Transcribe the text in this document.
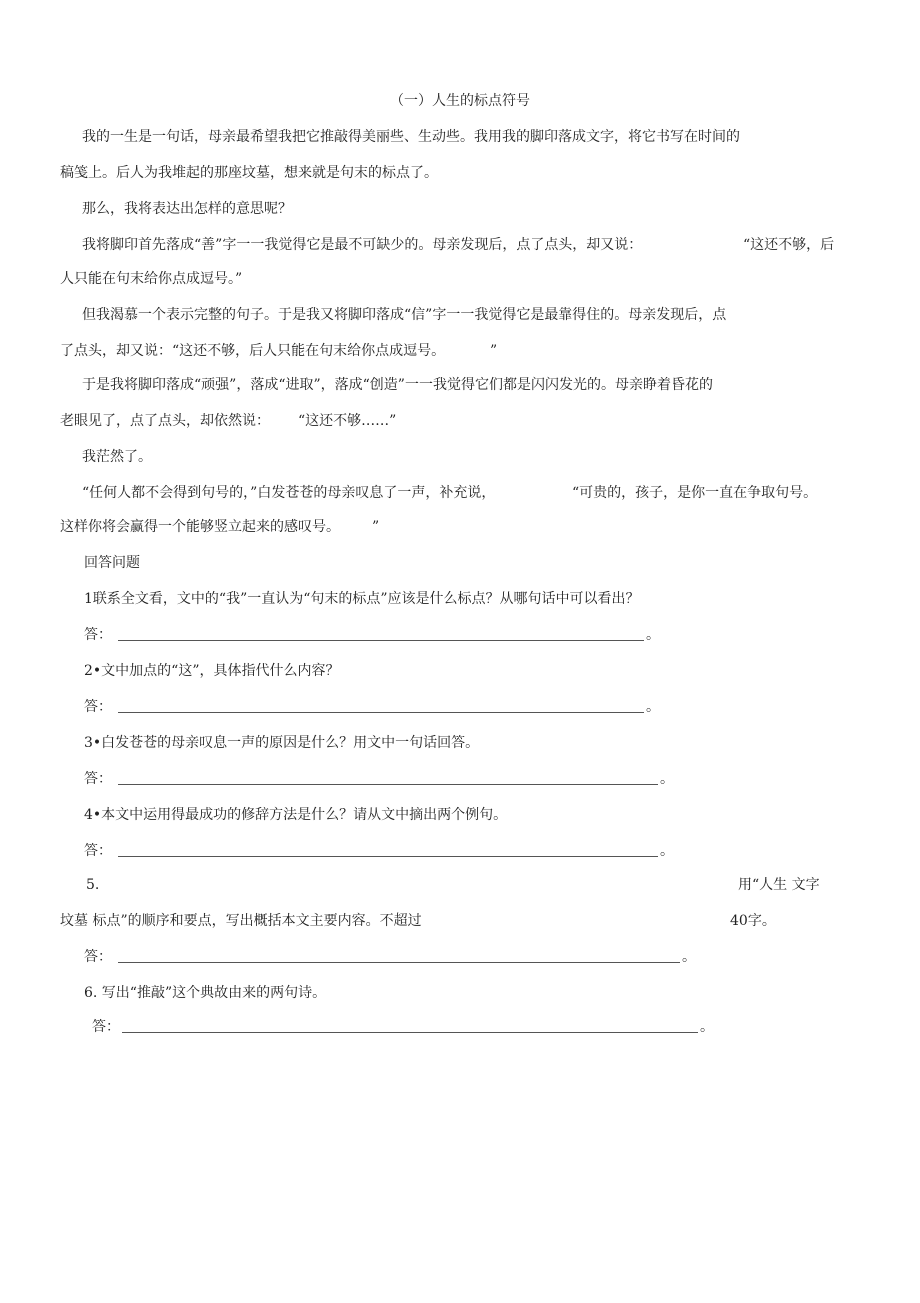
（一）人生的标点符号
我的一生是一句话，母亲最希望我把它推敲得美丽些、生动些。我用我的脚印落成文字，将它书写在时间的
稿笺上。后人为我堆起的那座坟墓，想来就是句末的标点了。
那么，我将表达出怎样的意思呢？
我将脚印首先落成“善”字一一我觉得它是最不可缺少的。母亲发现后，点了点头，却又说：	“这还不够，后
人只能在句末给你点成逗号。”
但我渴慕一个表示完整的句子。于是我又将脚印落成“信”字一一我觉得它是最靠得住的。母亲发现后，点
了点头，却又说：“这还不够，后人只能在句末给你点成逗号。	”
于是我将脚印落成“顽强”，落成“进取”，落成“创造”一一我觉得它们都是闪闪发光的。母亲睁着昏花的
老眼见了，点了点头，却依然说： “这还不够……”
我茫然了。
“任何人都不会得到句号的，”白发苍苍的母亲叹息了一声，补充说，	“可贵的，孩子，是你一直在争取句号。
这样你将会赢得一个能够竖立起来的感叹号。 ”
回答问题
1联系全文看，文中的“我”一直认为“句末的标点”应该是什么标点？从哪句话中可以看出？
答：	。
2•文中加点的“这”，具体指代什么内容？
答：	。
3•白发苍苍的母亲叹息一声的原因是什么？用文中一句话回答。
答：	。
4•本文中运用得最成功的修辞方法是什么？请从文中摘出两个例句。
答：	。
5.	用“人生 文字
坟墓 标点”的顺序和要点，写出概括本文主要内容。不超过	40字。
答：	。
6. 写出“推敲”这个典故由来的两句诗。
答：	。
